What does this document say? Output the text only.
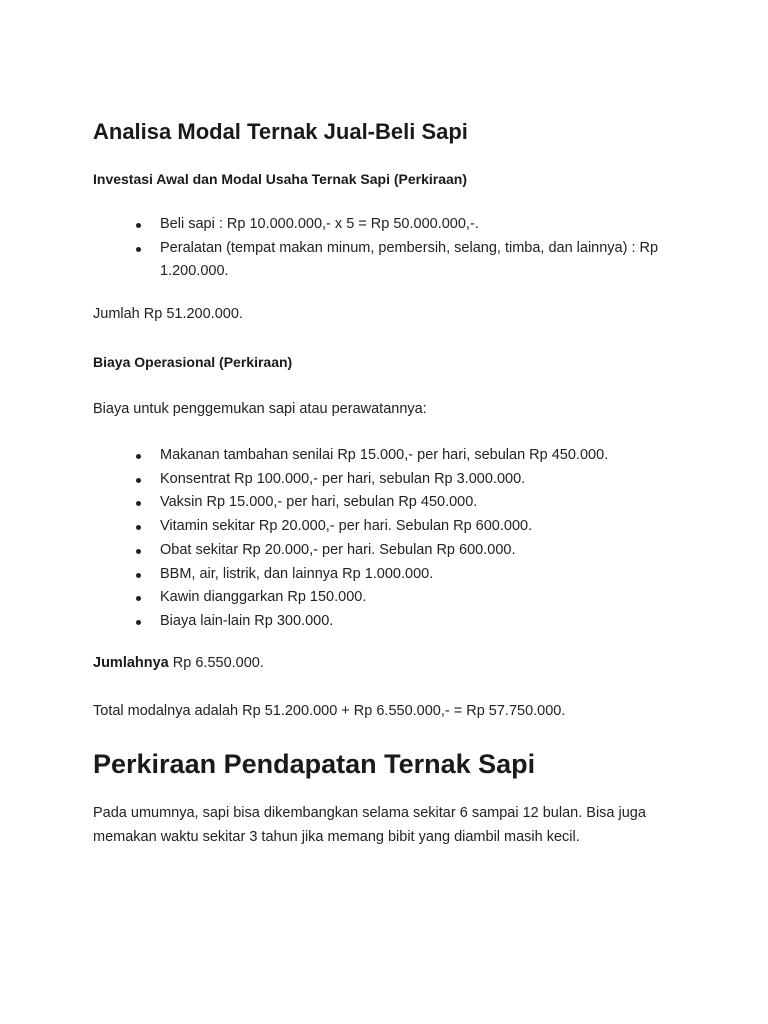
Analisa Modal Ternak Jual-Beli Sapi

Investasi Awal dan Modal Usaha Ternak Sapi (Perkiraan)

Beli sapi : Rp 10.000.000,- x 5 = Rp 50.000.000,-.
Peralatan (tempat makan minum, pembersih, selang, timba, dan lainnya) : Rp 1.200.000.

Jumlah Rp 51.200.000.

Biaya Operasional (Perkiraan)

Biaya untuk penggemukan sapi atau perawatannya:

Makanan tambahan senilai Rp 15.000,- per hari, sebulan Rp 450.000.
Konsentrat Rp 100.000,- per hari, sebulan Rp 3.000.000.
Vaksin Rp 15.000,- per hari, sebulan Rp 450.000.
Vitamin sekitar Rp 20.000,- per hari. Sebulan Rp 600.000.
Obat sekitar Rp 20.000,- per hari. Sebulan Rp 600.000.
BBM, air, listrik, dan lainnya Rp 1.000.000.
Kawin dianggarkan Rp 150.000.
Biaya lain-lain Rp 300.000.

Jumlahnya Rp 6.550.000.

Total modalnya adalah Rp 51.200.000 + Rp 6.550.000,- = Rp 57.750.000.

Perkiraan Pendapatan Ternak Sapi

Pada umumnya, sapi bisa dikembangkan selama sekitar 6 sampai 12 bulan. Bisa juga

memakan waktu sekitar 3 tahun jika memang bibit yang diambil masih kecil.
